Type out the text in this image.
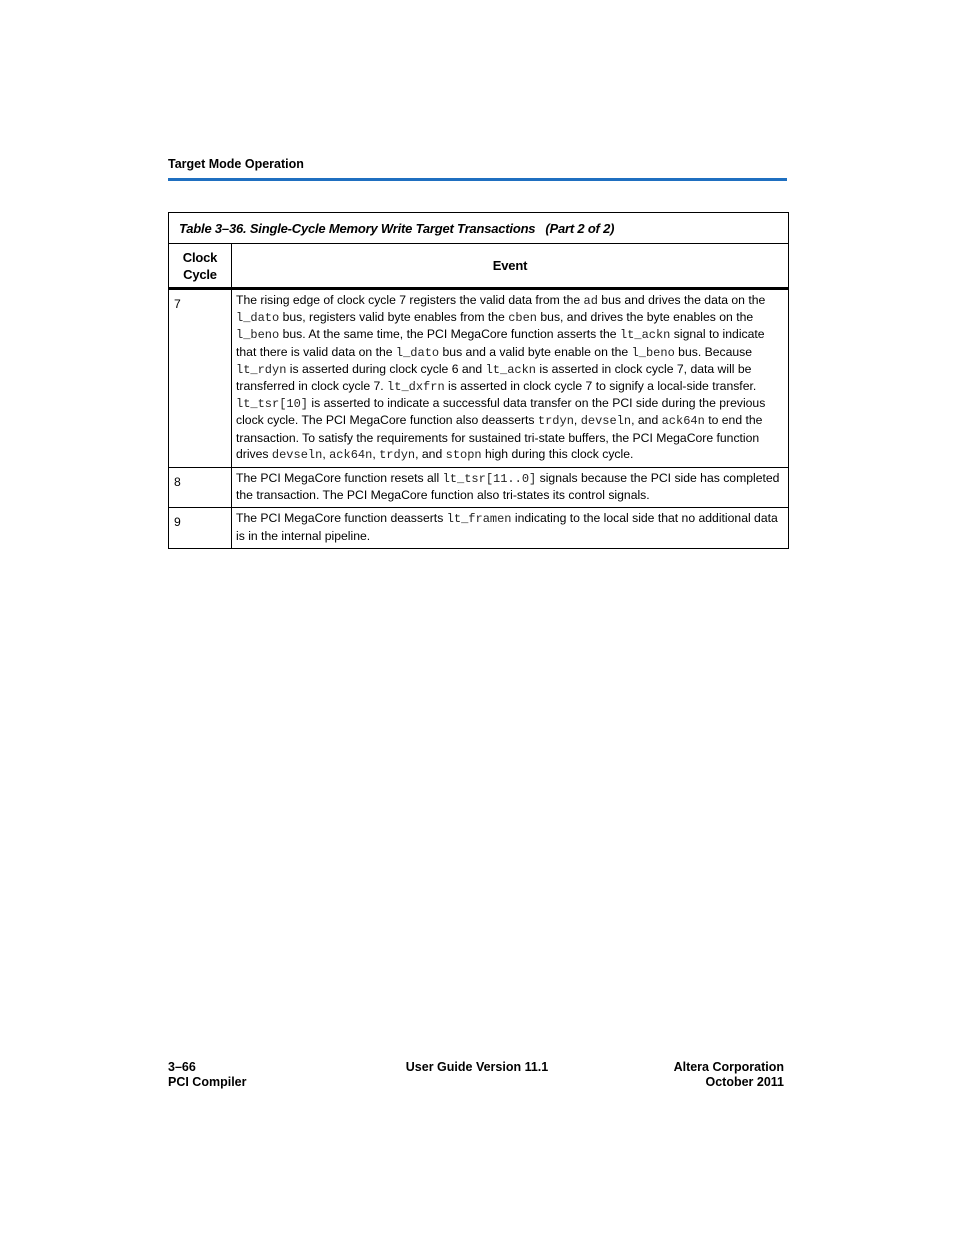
Target Mode Operation
Table 3–36. Single-Cycle Memory Write Target Transactions (Part 2 of 2)	
Clock
Cycle	Event
7	The rising edge of clock cycle 7 registers the valid data from the ad bus and drives the data on the l_dato bus, registers valid byte enables from the cben bus, and drives the byte enables on the l_beno bus. At the same time, the PCI MegaCore function asserts the lt_ackn signal to indicate that there is valid data on the l_dato bus and a valid byte enable on the l_beno bus. Because lt_rdyn is asserted during clock cycle 6 and lt_ackn is asserted in clock cycle 7, data will be transferred in clock cycle 7. lt_dxfrn is asserted in clock cycle 7 to signify a local-side transfer. lt_tsr[10] is asserted to indicate a successful data transfer on the PCI side during the previous clock cycle. The PCI MegaCore function also deasserts trdyn, devseln, and ack64n to end the transaction. To satisfy the requirements for sustained tri-state buffers, the PCI MegaCore function drives devseln, ack64n, trdyn, and stopn high during this clock cycle.
8	The PCI MegaCore function resets all lt_tsr[11..0] signals because the PCI side has completed the transaction. The PCI MegaCore function also tri-states its control signals.
9	The PCI MegaCore function deasserts lt_framen indicating to the local side that no additional data is in the internal pipeline.
3–66
PCI Compiler
User Guide Version 11.1	Altera Corporation
October 2011
